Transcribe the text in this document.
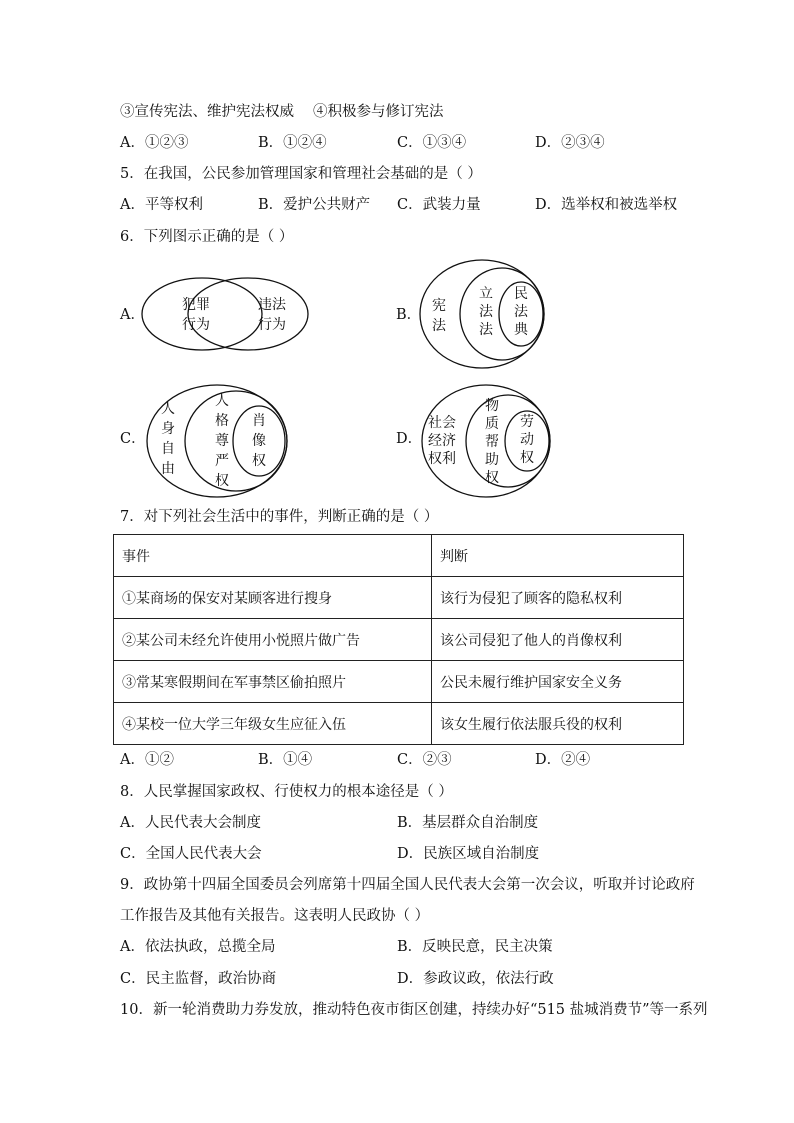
③宣传宪法、维护宪法权威 ④积极参与修订宪法
A．①②③	B．①②④	C．①③④	D．②③④
5．在我国，公民参加管理国家和管理社会基础的是（ ）
A．平等权利	B．爱护公共财产 C．武装力量	D．选举权和被选举权
6．下列图示正确的是（ ）
A．
犯罪
行为
违法
行为
B．
宪
法
立
法
法
民
法
典
C．
人
身
自
由
人
格
尊
严
权
肖
像
权
D．
社会
经济
权利
物
质
帮
助
权
劳
动
权
7．对下列社会生活中的事件，判断正确的是（ ）
事件	判断
①某商场的保安对某顾客进行搜身	该行为侵犯了顾客的隐私权利
②某公司未经允许使用小悦照片做广告	该公司侵犯了他人的肖像权利
③常某寒假期间在军事禁区偷拍照片	公民未履行维护国家安全义务
④某校一位大学三年级女生应征入伍	该女生履行依法服兵役的权利
A．①②	B．①④	C．②③	D．②④
8．人民掌握国家政权、行使权力的根本途径是（ ）
A．人民代表大会制度	B．基层群众自治制度
C．全国人民代表大会	D．民族区域自治制度
9．政协第十四届全国委员会列席第十四届全国人民代表大会第一次会议，听取并讨论政府
工作报告及其他有关报告。这表明人民政协（ ）
A．依法执政，总揽全局	B．反映民意，民主决策
C．民主监督，政治协商	D．参政议政，依法行政
10．新一轮消费助力券发放，推动特色夜市街区创建，持续办好“515 盐城消费节”等一系列
